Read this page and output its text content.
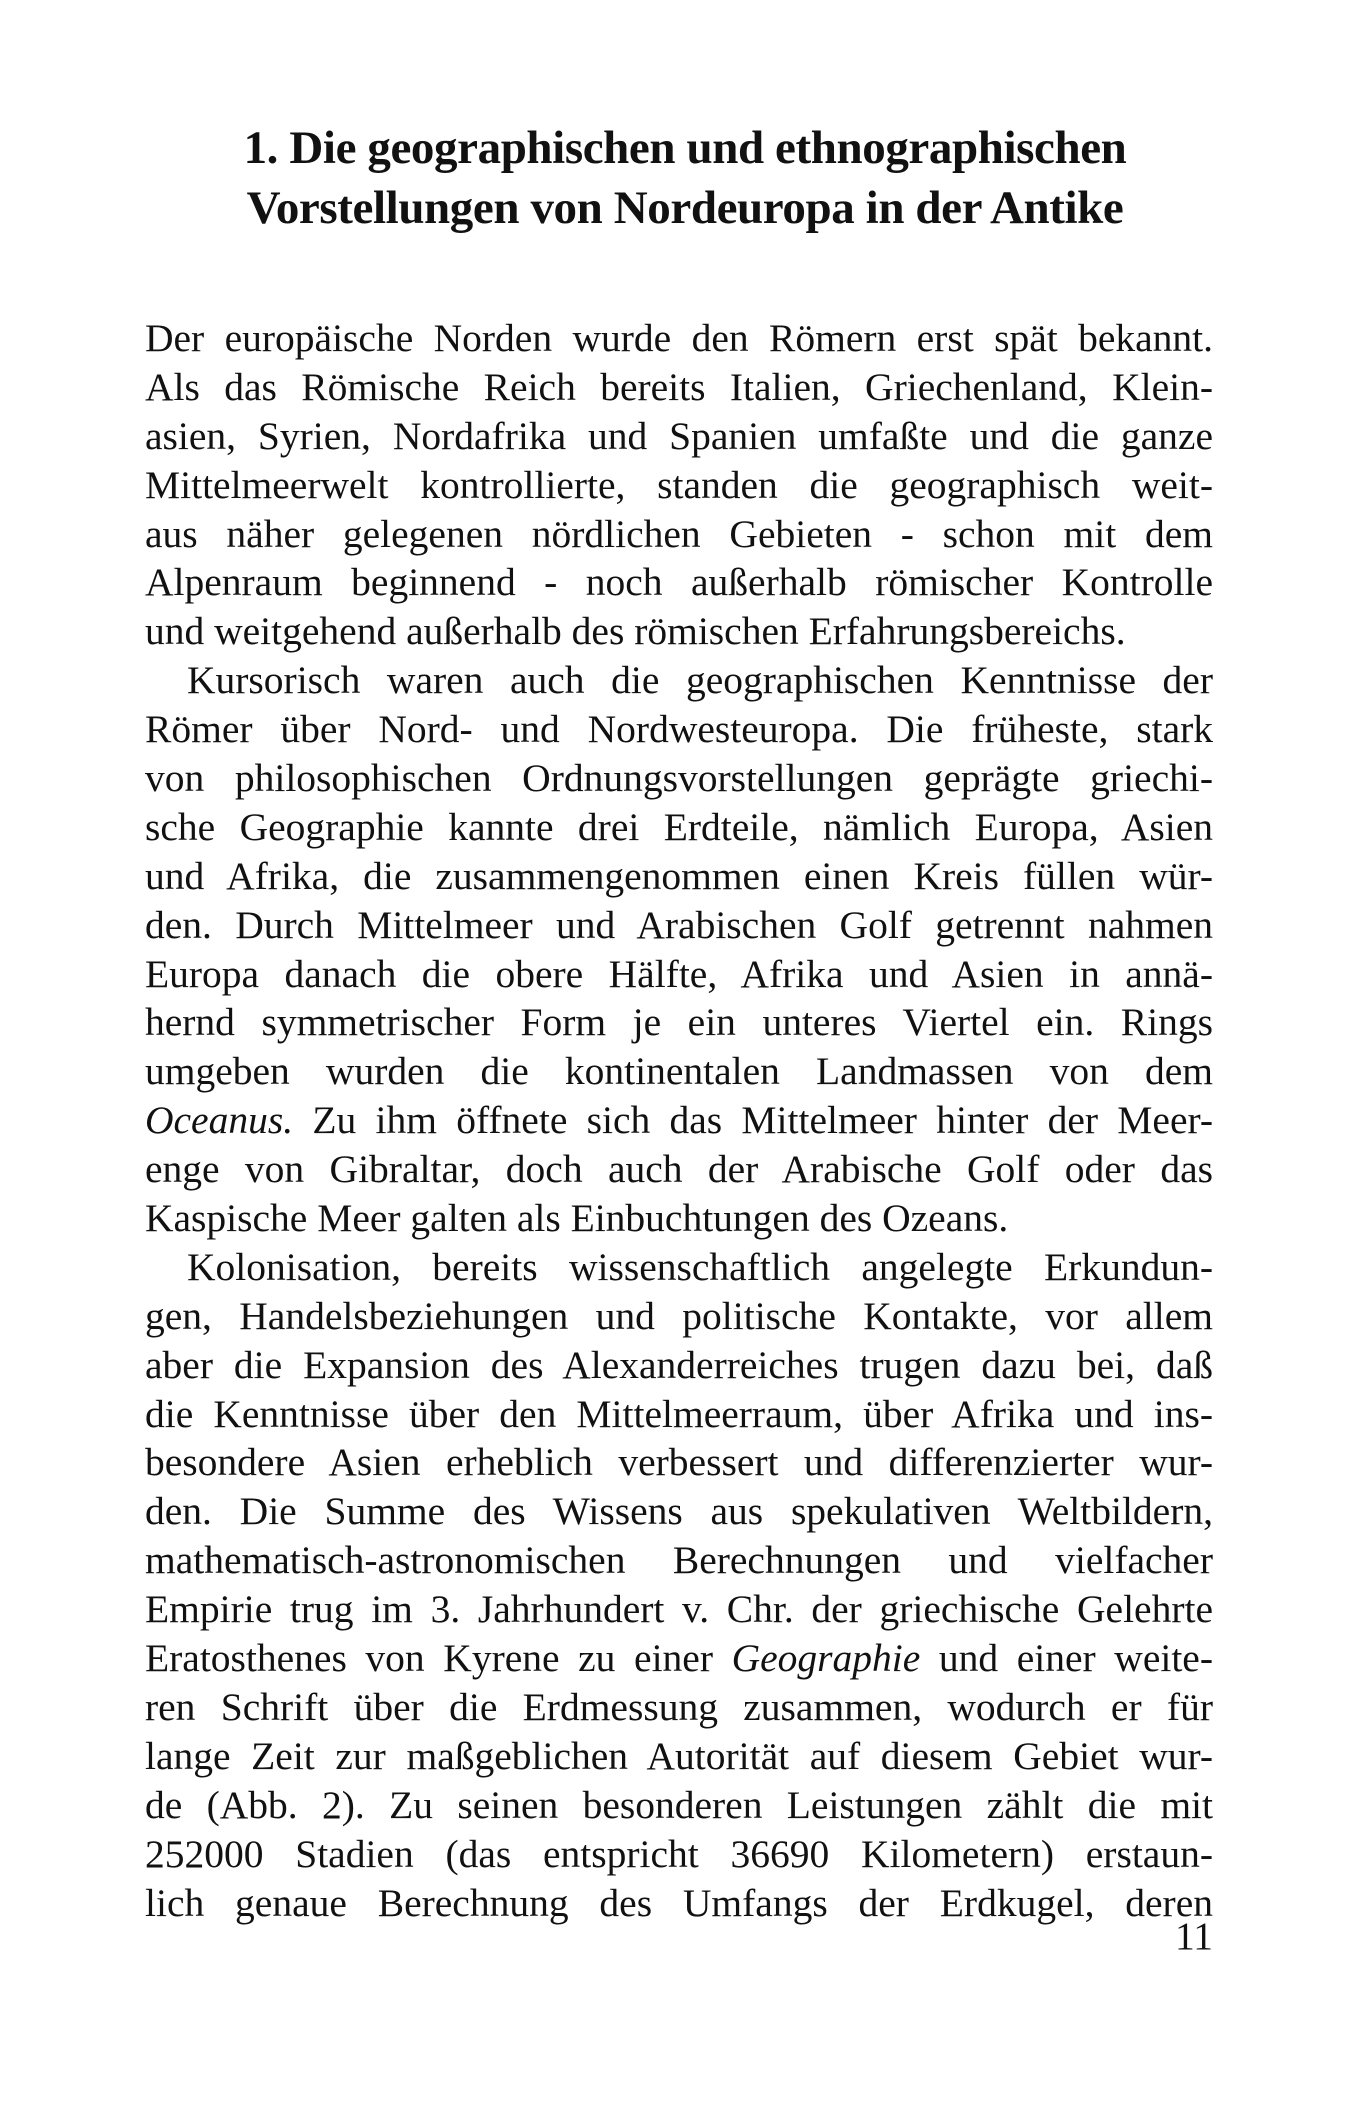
1. Die geographischen und ethnographischen
Vorstellungen von Nordeuropa in der Antike
Der europäische Norden wurde den Römern erst spät bekannt.
Als das Römische Reich bereits Italien, Griechenland, Klein-
asien, Syrien, Nordafrika und Spanien umfaßte und die ganze
Mittelmeerwelt kontrollierte, standen die geographisch weit-
aus näher gelegenen nördlichen Gebieten - schon mit dem
Alpenraum beginnend - noch außerhalb römischer Kontrolle
und weitgehend außerhalb des römischen Erfahrungsbereichs.
Kursorisch waren auch die geographischen Kenntnisse der
Römer über Nord- und Nordwesteuropa. Die früheste, stark
von philosophischen Ordnungsvorstellungen geprägte griechi-
sche Geographie kannte drei Erdteile, nämlich Europa, Asien
und Afrika, die zusammengenommen einen Kreis füllen wür-
den. Durch Mittelmeer und Arabischen Golf getrennt nahmen
Europa danach die obere Hälfte, Afrika und Asien in annä-
hernd symmetrischer Form je ein unteres Viertel ein. Rings
umgeben wurden die kontinentalen Landmassen von dem
Oceanus. Zu ihm öffnete sich das Mittelmeer hinter der Meer-
enge von Gibraltar, doch auch der Arabische Golf oder das
Kaspische Meer galten als Einbuchtungen des Ozeans.
Kolonisation, bereits wissenschaftlich angelegte Erkundun-
gen, Handelsbeziehungen und politische Kontakte, vor allem
aber die Expansion des Alexanderreiches trugen dazu bei, daß
die Kenntnisse über den Mittelmeerraum, über Afrika und ins-
besondere Asien erheblich verbessert und differenzierter wur-
den. Die Summe des Wissens aus spekulativen Weltbildern,
mathematisch-astronomischen Berechnungen und vielfacher
Empirie trug im 3. Jahrhundert v. Chr. der griechische Gelehrte
Eratosthenes von Kyrene zu einer Geographie und einer weite-
ren Schrift über die Erdmessung zusammen, wodurch er für
lange Zeit zur maßgeblichen Autorität auf diesem Gebiet wur-
de (Abb. 2). Zu seinen besonderen Leistungen zählt die mit
252000 Stadien (das entspricht 36690 Kilometern) erstaun-
lich genaue Berechnung des Umfangs der Erdkugel, deren
11
